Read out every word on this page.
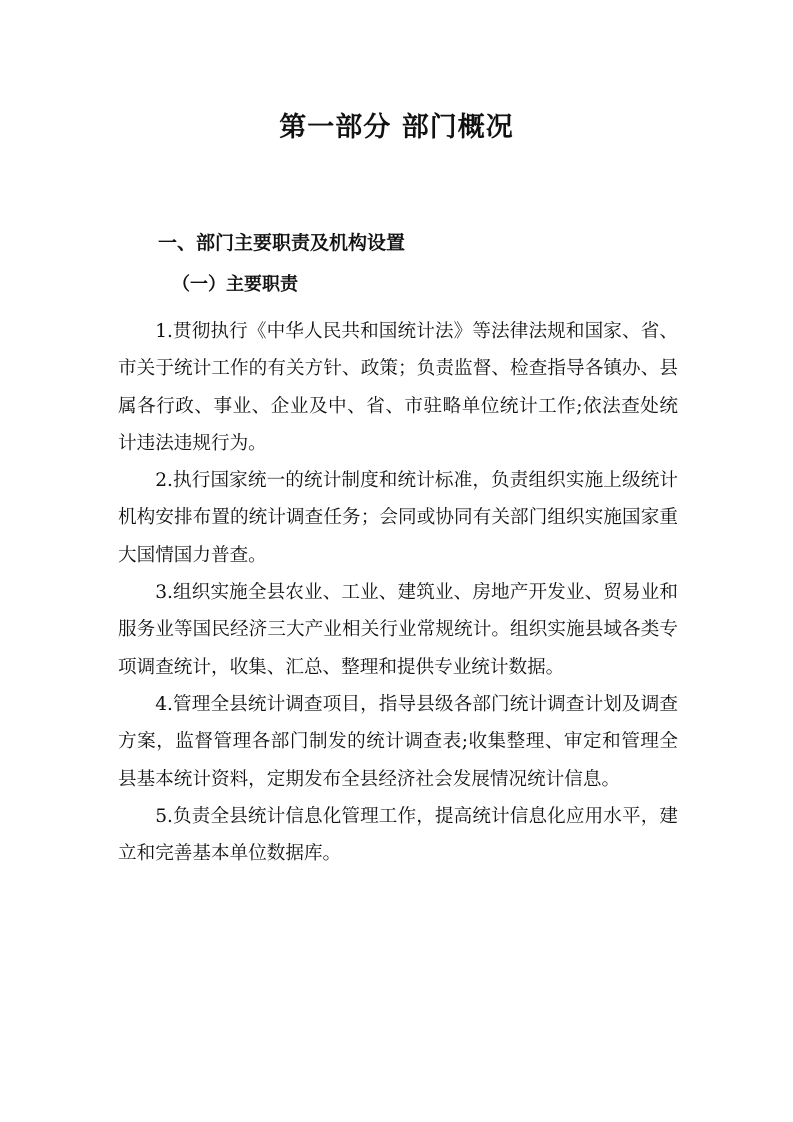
第一部分 部门概况
一、部门主要职责及机构设置
（一）主要职责

1.贯彻执行《中华人民共和国统计法》等法律法规和国家、省、市关于统计工作的有关方针、政策；负责监督、检查指导各镇办、县属各行政、事业、企业及中、省、市驻略单位统计工作;依法查处统计违法违规行为。

2.执行国家统一的统计制度和统计标准，负责组织实施上级统计机构安排布置的统计调查任务；会同或协同有关部门组织实施国家重大国情国力普查。

3.组织实施全县农业、工业、建筑业、房地产开发业、贸易业和服务业等国民经济三大产业相关行业常规统计。组织实施县域各类专项调查统计，收集、汇总、整理和提供专业统计数据。

4.管理全县统计调查项目，指导县级各部门统计调查计划及调查方案，监督管理各部门制发的统计调查表;收集整理、审定和管理全县基本统计资料，定期发布全县经济社会发展情况统计信息。

5.负责全县统计信息化管理工作，提高统计信息化应用水平，建立和完善基本单位数据库。
